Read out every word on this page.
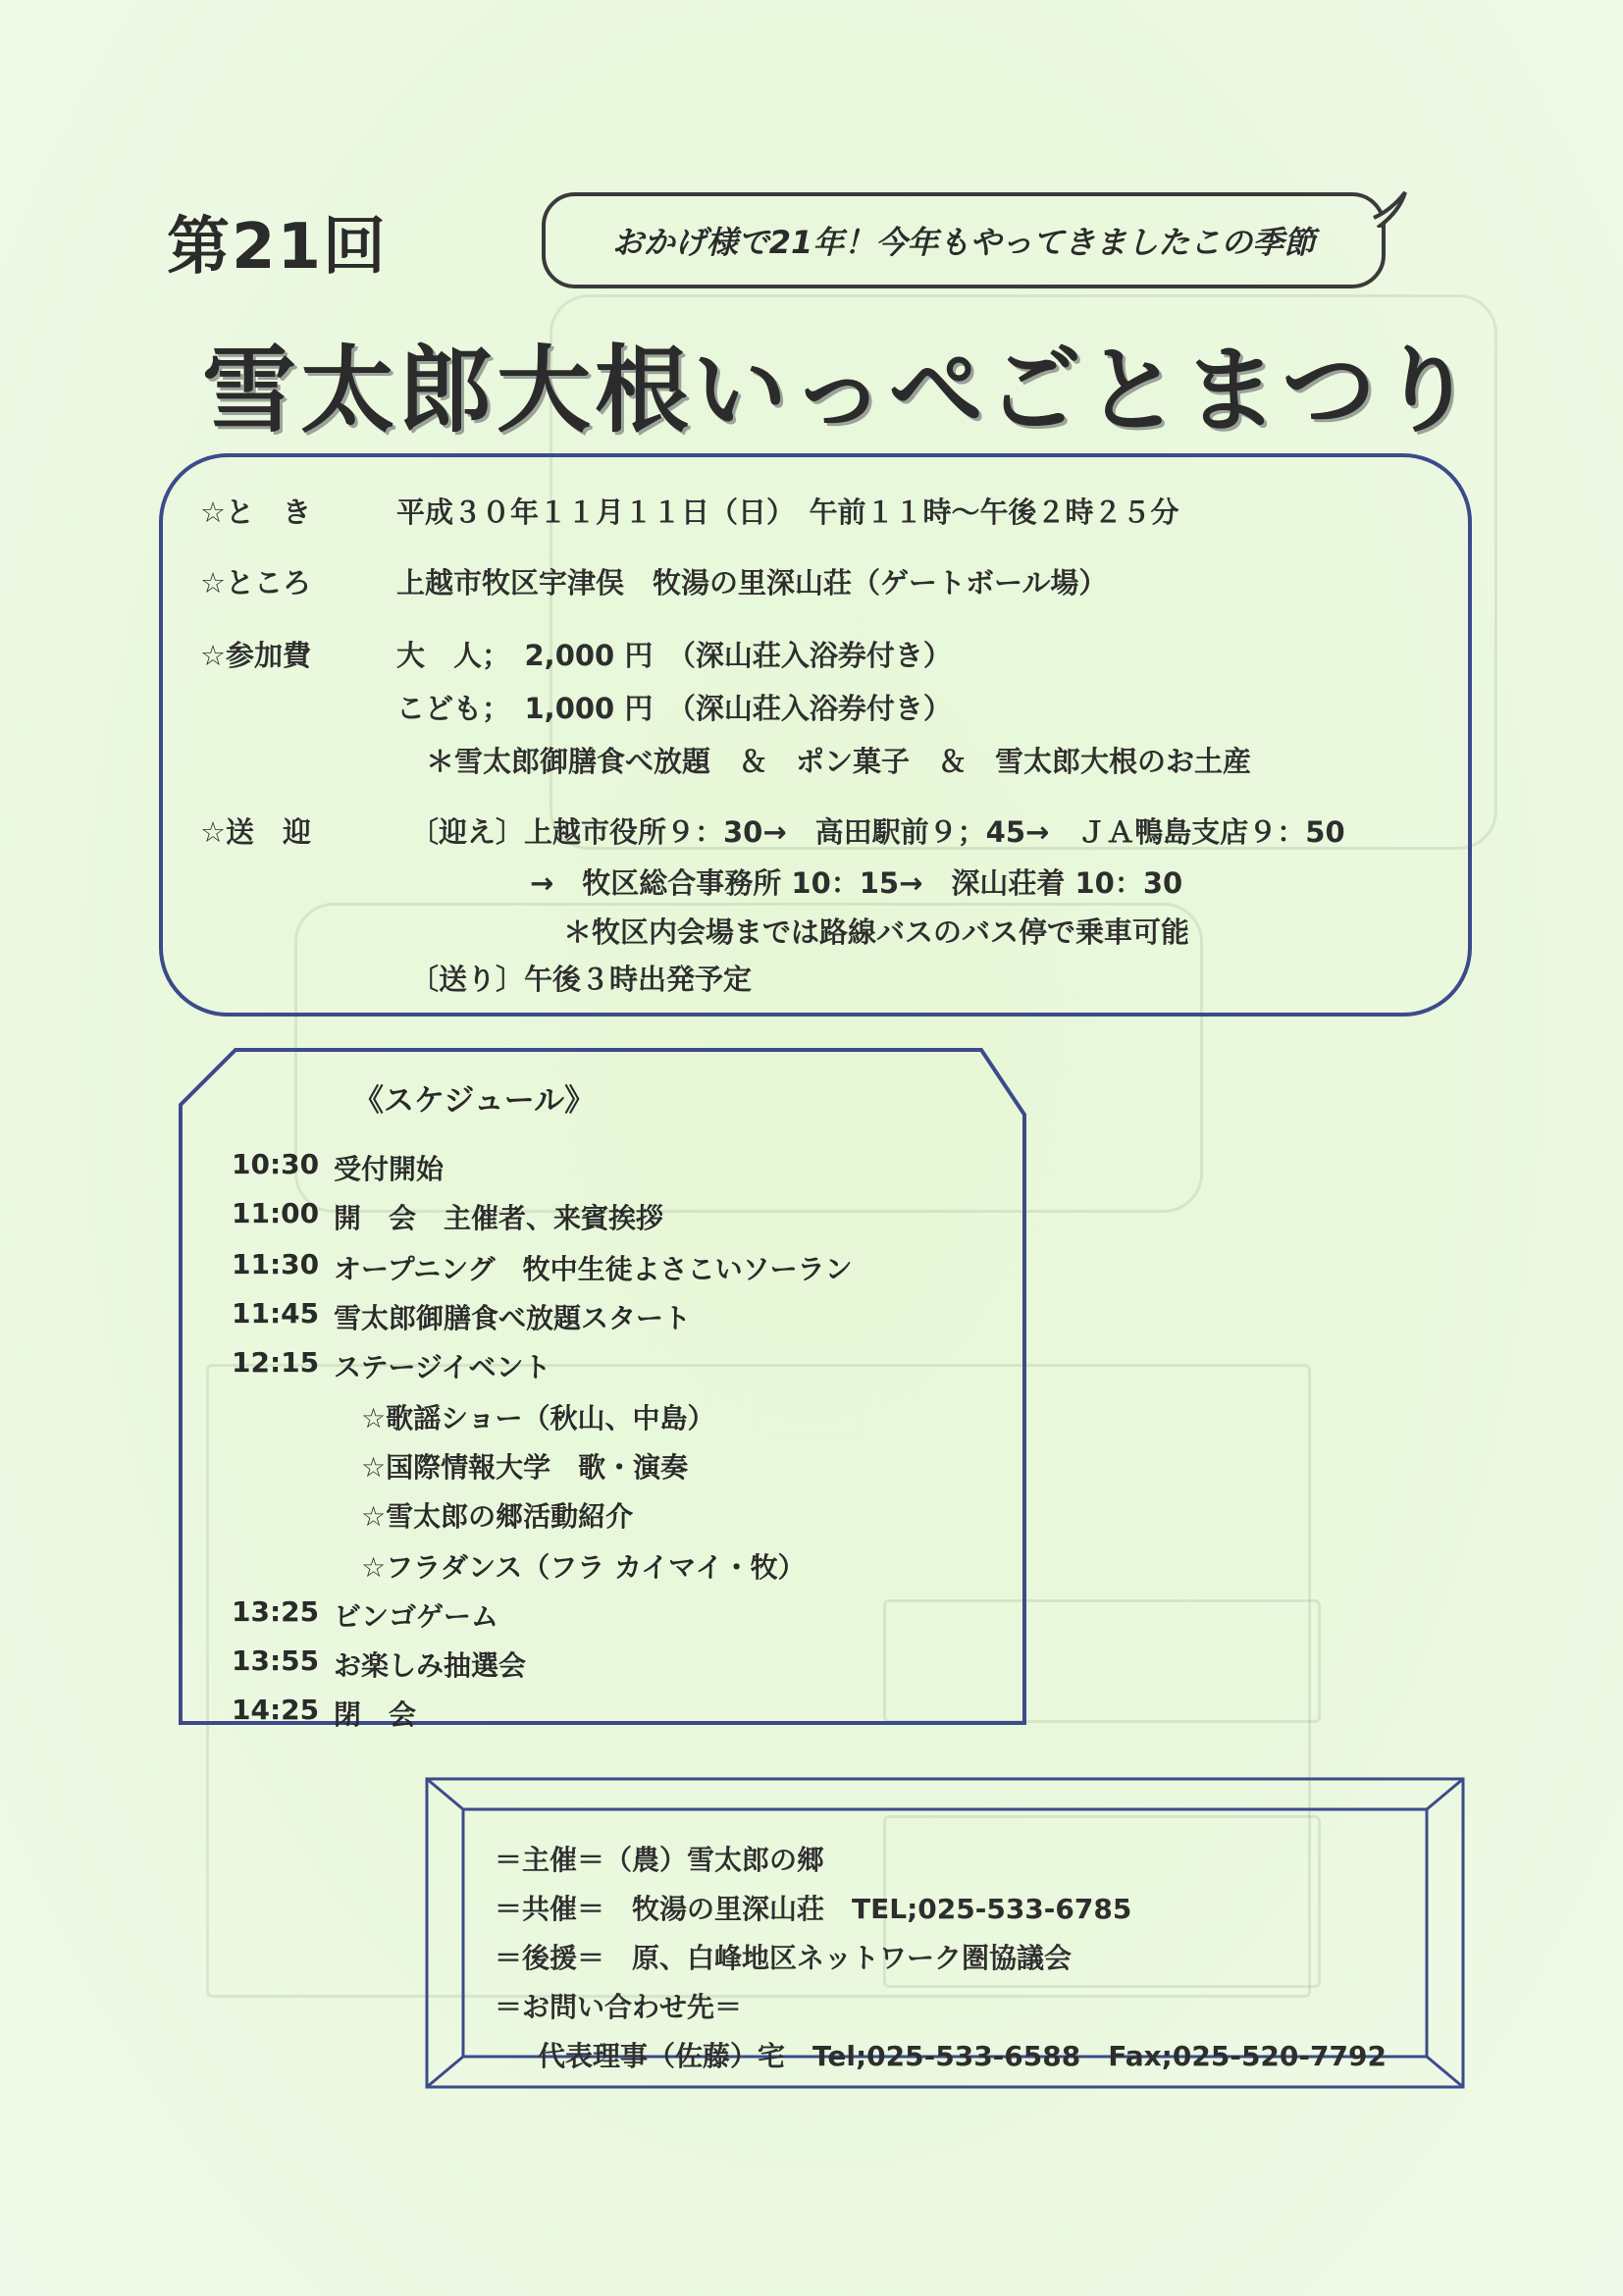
第21回	おかげ様で21年！今年もやってきましたこの季節
雪太郎大根いっぺごとまつり
☆と　き	平成３０年１１月１１日（日）　午前１１時～午後２時２５分
☆ところ	上越市牧区宇津俣　牧湯の里深山荘（ゲートボール場）
☆参加費	大　人；　2,000 円　（深山荘入浴券付き）
こども；　1,000 円　（深山荘入浴券付き）
＊雪太郎御膳食べ放題　＆　ポン菓子　＆　雪太郎大根のお土産
☆送　迎	〔迎え〕上越市役所９：30→　高田駅前９；45→　ＪＡ鴨島支店９：50
→　牧区総合事務所 10：15→　深山荘着 10：30
＊牧区内会場までは路線バスのバス停で乗車可能
〔送り〕午後３時出発予定
《スケジュール》
10:30 受付開始
11:00 開　会　主催者、来賓挨拶
11:30 オープニング　牧中生徒よさこいソーラン
11:45 雪太郎御膳食べ放題スタート
12:15 ステージイベント
☆歌謡ショー（秋山、中島）
☆国際情報大学　歌・演奏
☆雪太郎の郷活動紹介
☆フラダンス（フラ カイマイ・牧）
13:25 ビンゴゲーム
13:55 お楽しみ抽選会
14:25 閉　会
＝主催＝（農）雪太郎の郷
＝共催＝　牧湯の里深山荘　TEL;025-533-6785
＝後援＝　原、白峰地区ネットワーク圏協議会
＝お問い合わせ先＝
代表理事（佐藤）宅　Tel;025-533-6588　Fax;025-520-7792
